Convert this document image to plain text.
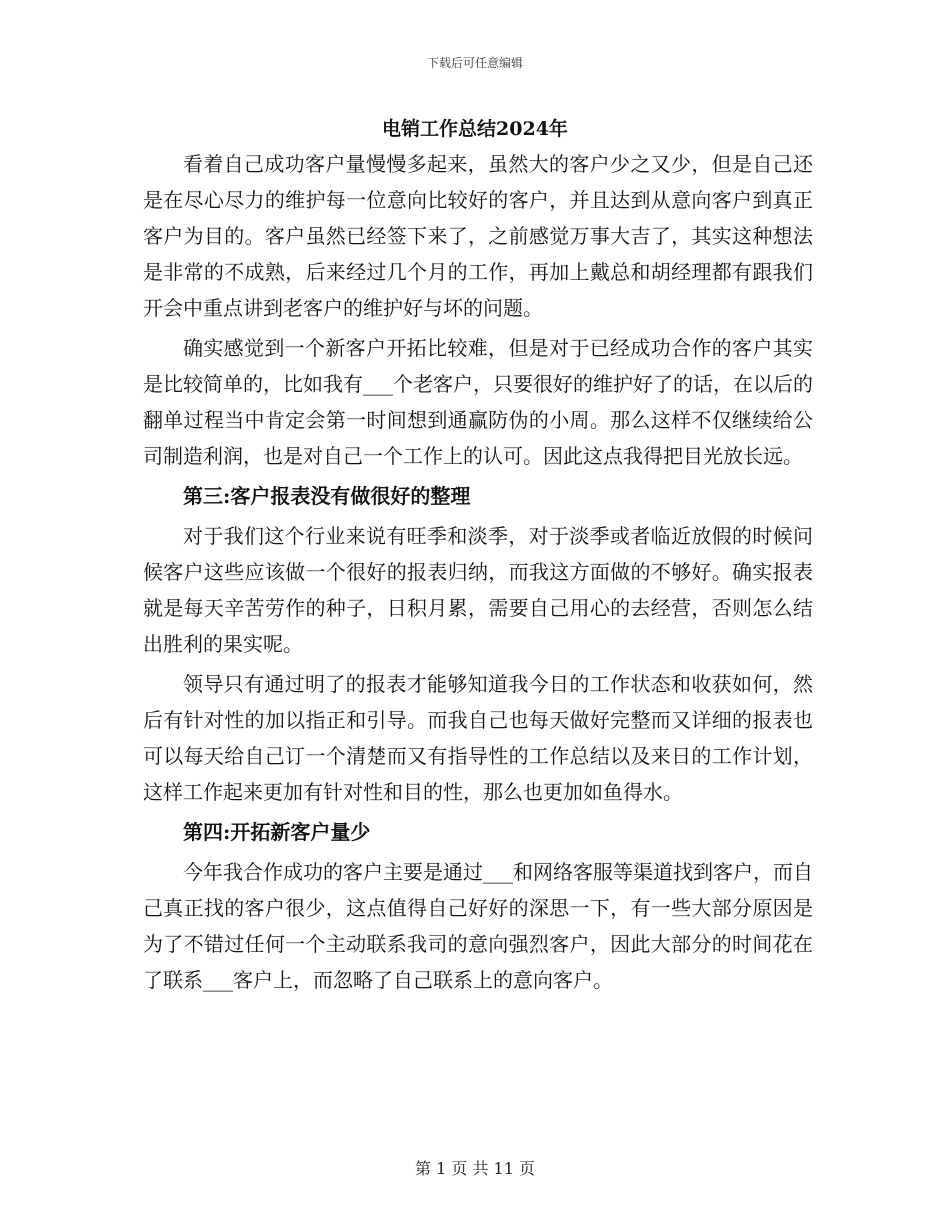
下载后可任意编辑
电销工作总结2024年

看着自己成功客户量慢慢多起来，虽然大的客户少之又少，但是自己还是在尽心尽力的维护每一位意向比较好的客户，并且达到从意向客户到真正客户为目的。客户虽然已经签下来了，之前感觉万事大吉了，其实这种想法是非常的不成熟，后来经过几个月的工作，再加上戴总和胡经理都有跟我们开会中重点讲到老客户的维护好与坏的问题。

确实感觉到一个新客户开拓比较难，但是对于已经成功合作的客户其实是比较简单的，比如我有___个老客户，只要很好的维护好了的话，在以后的翻单过程当中肯定会第一时间想到通赢防伪的小周。那么这样不仅继续给公司制造利润，也是对自己一个工作上的认可。因此这点我得把目光放长远。

第三:客户报表没有做很好的整理

对于我们这个行业来说有旺季和淡季，对于淡季或者临近放假的时候问候客户这些应该做一个很好的报表归纳，而我这方面做的不够好。确实报表就是每天辛苦劳作的种子，日积月累，需要自己用心的去经营，否则怎么结出胜利的果实呢。

领导只有通过明了的报表才能够知道我今日的工作状态和收获如何，然后有针对性的加以指正和引导。而我自己也每天做好完整而又详细的报表也可以每天给自己订一个清楚而又有指导性的工作总结以及来日的工作计划，这样工作起来更加有针对性和目的性，那么也更加如鱼得水。

第四:开拓新客户量少

今年我合作成功的客户主要是通过___和网络客服等渠道找到客户，而自己真正找的客户很少，这点值得自己好好的深思一下，有一些大部分原因是为了不错过任何一个主动联系我司的意向强烈客户，因此大部分的时间花在了联系___客户上，而忽略了自己联系上的意向客户。

第 1 页 共 11 页
